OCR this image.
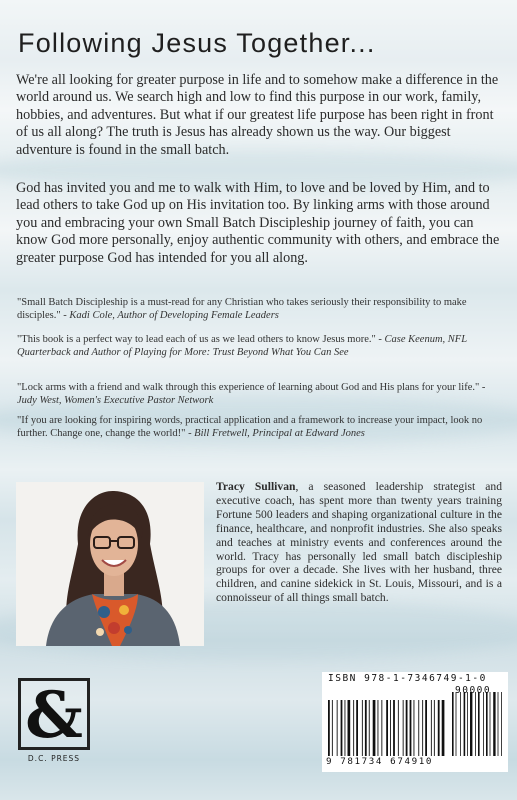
Following Jesus Together...
We're all looking for greater purpose in life and to somehow make a difference in the world around us. We search high and low to find this purpose in our work, family, hobbies, and adventures. But what if our greatest life purpose has been right in front of us all along? The truth is Jesus has already shown us the way. Our biggest adventure is found in the small batch.
God has invited you and me to walk with Him, to love and be loved by Him, and to lead others to take God up on His invitation too. By linking arms with those around you and embracing your own Small Batch Discipleship journey of faith, you can know God more personally, enjoy authentic community with others, and embrace the greater purpose God has intended for you all along.
"Small Batch Discipleship is a must-read for any Christian who takes seriously their responsibility to make disciples." - Kadi Cole, Author of Developing Female Leaders
"This book is a perfect way to lead each of us as we lead others to know Jesus more." - Case Keenum, NFL Quarterback and Author of Playing for More: Trust Beyond What You Can See
"Lock arms with a friend and walk through this experience of learning about God and His plans for your life." - Judy West, Women's Executive Pastor Network
"If you are looking for inspiring words, practical application and a framework to increase your impact, look no further. Change one, change the world!" - Bill Fretwell, Principal at Edward Jones
Tracy Sullivan, a seasoned leadership strategist and executive coach, has spent more than twenty years training Fortune 500 leaders and shaping organizational culture in the finance, healthcare, and nonprofit industries. She also speaks and teaches at ministry events and conferences around the world. Tracy has personally led small batch discipleship groups for over a decade. She lives with her husband, three children, and canine sidekick in St. Louis, Missouri, and is a connoisseur of all things small batch.
&
D.C. PRESS
ISBN 978-1-7346749-1-0
90000
9 781734 674910
